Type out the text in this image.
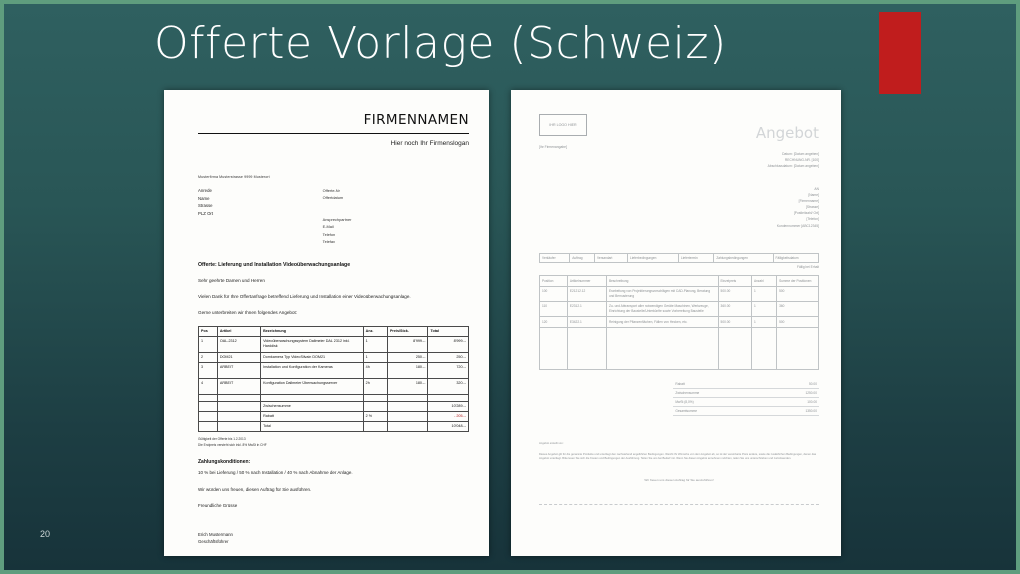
Offerte Vorlage (Schweiz)
20
FIRMENNAMEN
Hier noch Ihr Firmenslogan
Musterfirma Musterstrasse 9999 Musterort
Anrede
Name
Strasse
PLZ Ort
Offerte-Nr
Offertdatum
Ansprechpartner
E-Mail
Telefon
Telefax
Offerte: Lieferung und Installation Videoüberwachungsanlage
Sehr geehrte Damen und Herren
Vielen Dank für Ihre Offertanfrage betreffend Lieferung und Installation einer Videoüberwachungsanlage.
Gerne unterbreiten wir Ihnen folgendes Angebot:
Pos	Artikel	Bezeichnung	Anz.	Preis/Stck.	Total
1	OAL-2312	Videoüberwachungssystem Dallmeier DAL 2312 inkl. Harddisk	1	8'999.--	8'999.--
2	DOM21	Domkamera Typ VideoSilvain DOM21	1	250.--	250.--
3	ARBEIT	Installation und Konfiguration der Kameras	4h	180.--	720.--
4	ARBEIT	Konfiguration Dallmeier Überwachungsserver	2h	180.--	320.--

		Zwischensumme			10'289.--
		Rabatt	2 %		- 205.--
		Total			10'048.--
Gültigkeit der Offerte bis 1.2.2013
Die Endpreis versteht sich inkl. 8% MwSt in CHF
Zahlungskonditionen:
10 % bei Lieferung / 50 % nach Installation / 40 % nach Abnahme der Anlage.
Wir würden uns freuen, diesen Auftrag für Sie ausführen.
Freundliche Grüsse
Erich Mustermann
Geschäftsführer
IHR LOGO HIER
[Ihr Firmenangabe]
Angebot
Datum: [Datum angeben]
RECHNUNG-NR. [100]
Abschlussdatum: [Datum angeben]
AN
[Name]
[Firmenname]
[Strasse]
[Postleitzahl/ Ort]
[Telefon]
Kundennummer [ABC12345]
Verkäufer	Auftrag	Versandart	Lieferbedingungen	Liefertermin	Zahlungsbedingungen	Fälligkeitsdatum
Fällig bei Erhalt
Position	Artikelnummer	Beschreibung	Einzelpreis	Anzahl	Summe der Positionen
100	E21212.12	Erarbeitung von Projektierungsvorschlägen mit CAD-Planung, Beratung und Bemusterung	500.00	1	500
110	E2312.1	Zu- und Abtransport aller notwendigen Geräte Maschinen, Werkzeuge, Einrichtung der Baustelle/Unterkünfte sowie Vorbereitung Baustelle	360.00	1	360
120	E3422.1	Reinigung der Pflanzenflächen, Fällen von Hecken, etc.	500.00	1	500

Rabatt	50.00
Zwischensumme	1250.00
MwSt (8,0%)	100.00
Gesamtsumme	1350.00
Angebot erstellt von:
Dieses Angebot gilt für die genannte Produkte und unterliegt den nachstehend angeführten Bedingungen. Weicht Ihr Wünsche von dem Angebot ab, so ist der vereinbarte Preis andere, sowie die zusätzlichen Bedingungen, denen das Angebot unterliegt. Bitte lesen Sie sich die Kosten und Bedingungen der Ausführung. Teilen Sie uns bei Bedarf mit. Wenn Sie diesen Angebot annehmen möchten, teilen Sie uns unterschrieben und zurücksenden.
Wir freuen uns diesen Auftrag für Sie auszuführen!
